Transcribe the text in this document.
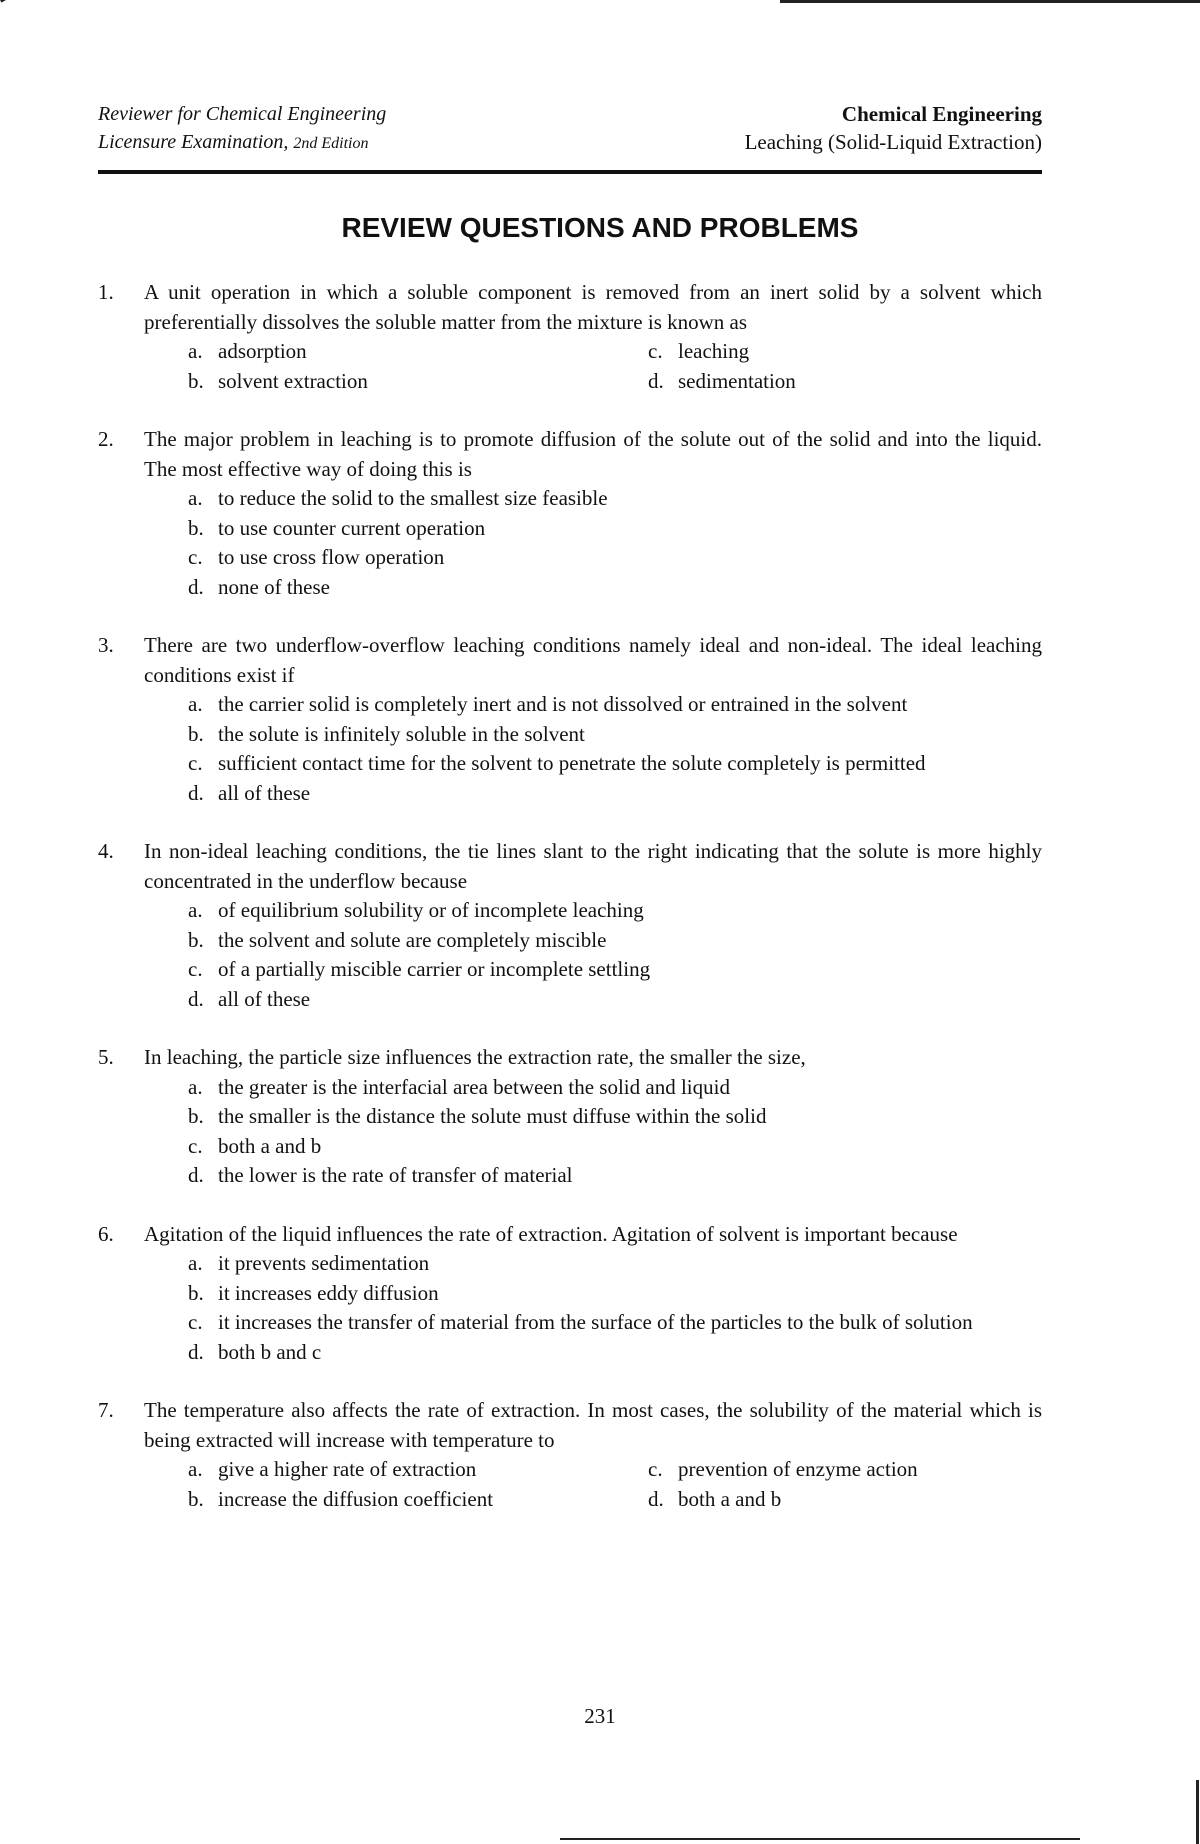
Reviewer for Chemical Engineering
Licensure Examination, 2nd Edition
Chemical Engineering
Leaching (Solid-Liquid Extraction)
REVIEW QUESTIONS AND PROBLEMS
1. A unit operation in which a soluble component is removed from an inert solid by a solvent which preferentially dissolves the soluble matter from the mixture is known as
a. adsorption	c. leaching
b. solvent extraction	d. sedimentation
2. The major problem in leaching is to promote diffusion of the solute out of the solid and into the liquid. The most effective way of doing this is
a. to reduce the solid to the smallest size feasible
b. to use counter current operation
c. to use cross flow operation
d. none of these
3. There are two underflow-overflow leaching conditions namely ideal and non-ideal. The ideal leaching conditions exist if
a. the carrier solid is completely inert and is not dissolved or entrained in the solvent
b. the solute is infinitely soluble in the solvent
c. sufficient contact time for the solvent to penetrate the solute completely is permitted
d. all of these
4. In non-ideal leaching conditions, the tie lines slant to the right indicating that the solute is more highly concentrated in the underflow because
a. of equilibrium solubility or of incomplete leaching
b. the solvent and solute are completely miscible
c. of a partially miscible carrier or incomplete settling
d. all of these
5. In leaching, the particle size influences the extraction rate, the smaller the size,
a. the greater is the interfacial area between the solid and liquid
b. the smaller is the distance the solute must diffuse within the solid
c. both a and b
d. the lower is the rate of transfer of material
6. Agitation of the liquid influences the rate of extraction. Agitation of solvent is important because
a. it prevents sedimentation
b. it increases eddy diffusion
c. it increases the transfer of material from the surface of the particles to the bulk of solution
d. both b and c
7. The temperature also affects the rate of extraction. In most cases, the solubility of the material which is being extracted will increase with temperature to
a. give a higher rate of extraction	c. prevention of enzyme action
b. increase the diffusion coefficient	d. both a and b
231
